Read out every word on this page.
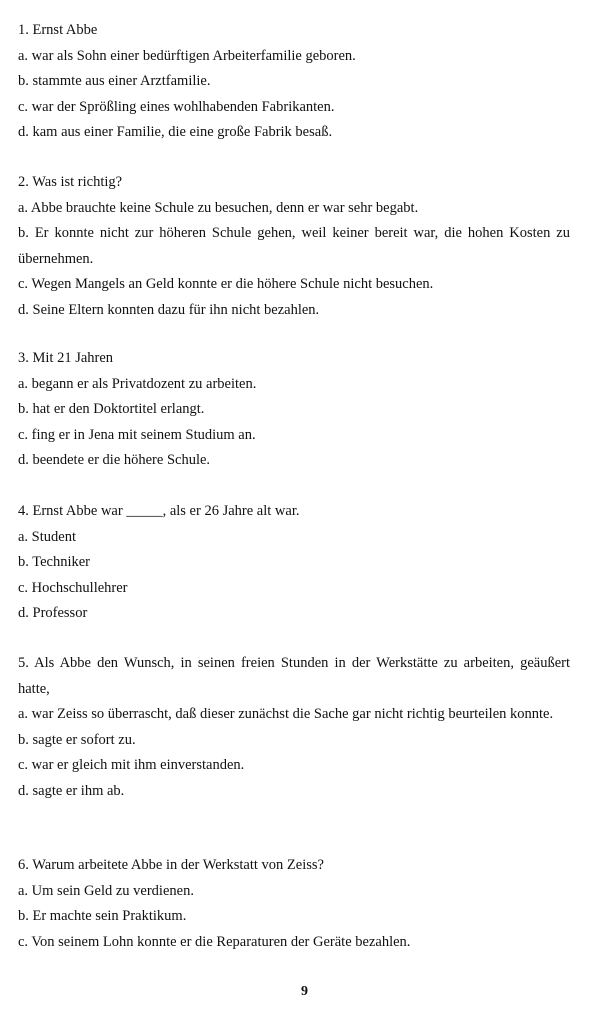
1. Ernst Abbe
a. war als Sohn einer bedürftigen Arbeiterfamilie geboren.
b. stammte aus einer Arztfamilie.
c. war der Sprößling eines wohlhabenden Fabrikanten.
d. kam aus einer Familie, die eine große Fabrik besaß.
2. Was ist richtig?
a. Abbe brauchte keine Schule zu besuchen, denn er war sehr begabt.
b. Er konnte nicht zur höheren Schule gehen, weil keiner bereit war, die hohen Kosten zu übernehmen.
c. Wegen Mangels an Geld konnte er die höhere Schule nicht besuchen.
d. Seine Eltern konnten dazu für ihn nicht bezahlen.
3. Mit 21 Jahren
a. begann er als Privatdozent zu arbeiten.
b. hat er den Doktortitel erlangt.
c. fing er in Jena mit seinem Studium an.
d. beendete er die höhere Schule.
4. Ernst Abbe war _____, als er 26 Jahre alt war.
a. Student
b. Techniker
c. Hochschullehrer
d. Professor
5. Als Abbe den Wunsch, in seinen freien Stunden in der Werkstätte zu arbeiten, geäußert hatte,
a. war Zeiss so überrascht, daß dieser zunächst die Sache gar nicht richtig beurteilen konnte.
b. sagte er sofort zu.
c. war er gleich mit ihm einverstanden.
d. sagte er ihm ab.
6. Warum arbeitete Abbe in der Werkstatt von Zeiss?
a. Um sein Geld zu verdienen.
b. Er machte sein Praktikum.
c. Von seinem Lohn konnte er die Reparaturen der Geräte bezahlen.
9
